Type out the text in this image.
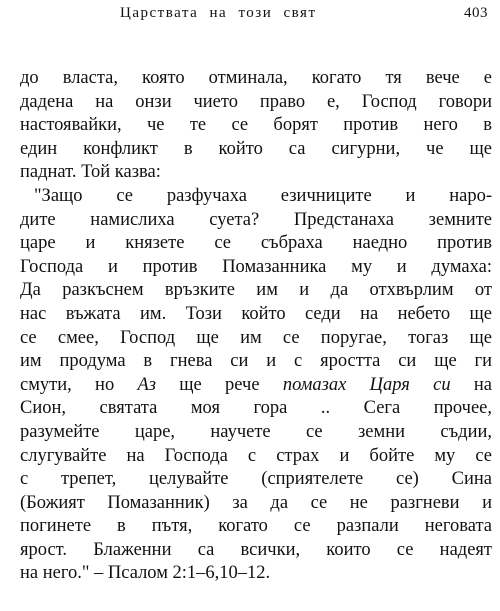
Царствата на този свят	403
до власта, която отминала, когато тя вече е
дадена на онзи чието право е, Господ говори
настоявайки, че те се борят против него в
един конфликт в който са сигурни, че ще
паднат. Той казва:
"Защо се разфучаха езичниците и наро-
дите намислиха суета? Предстанаха земните
царе и князете се събраха наедно против
Господа и против Помазанника му и думаха:
Да разкъснем връзките им и да отхвърлим от
нас въжата им. Този който седи на небето ще
се смее, Господ ще им се поругае, тогаз ще
им продума в гнева си и с яростта си ще ги
смути, но Аз ще рече помазах Царя си на
Сион, святата моя гора .. Сега прочее,
разумейте царе, научете се земни съдии,
слугувайте на Господа с страх и бойте му се
с трепет, целувайте (сприятелете се) Сина
(Божият Помазанник) за да се не разгневи и
погинете в пътя, когато се разпали неговата
ярост. Блаженни са всички, които се надеят
на него." – Псалом 2:1–6,10–12.
